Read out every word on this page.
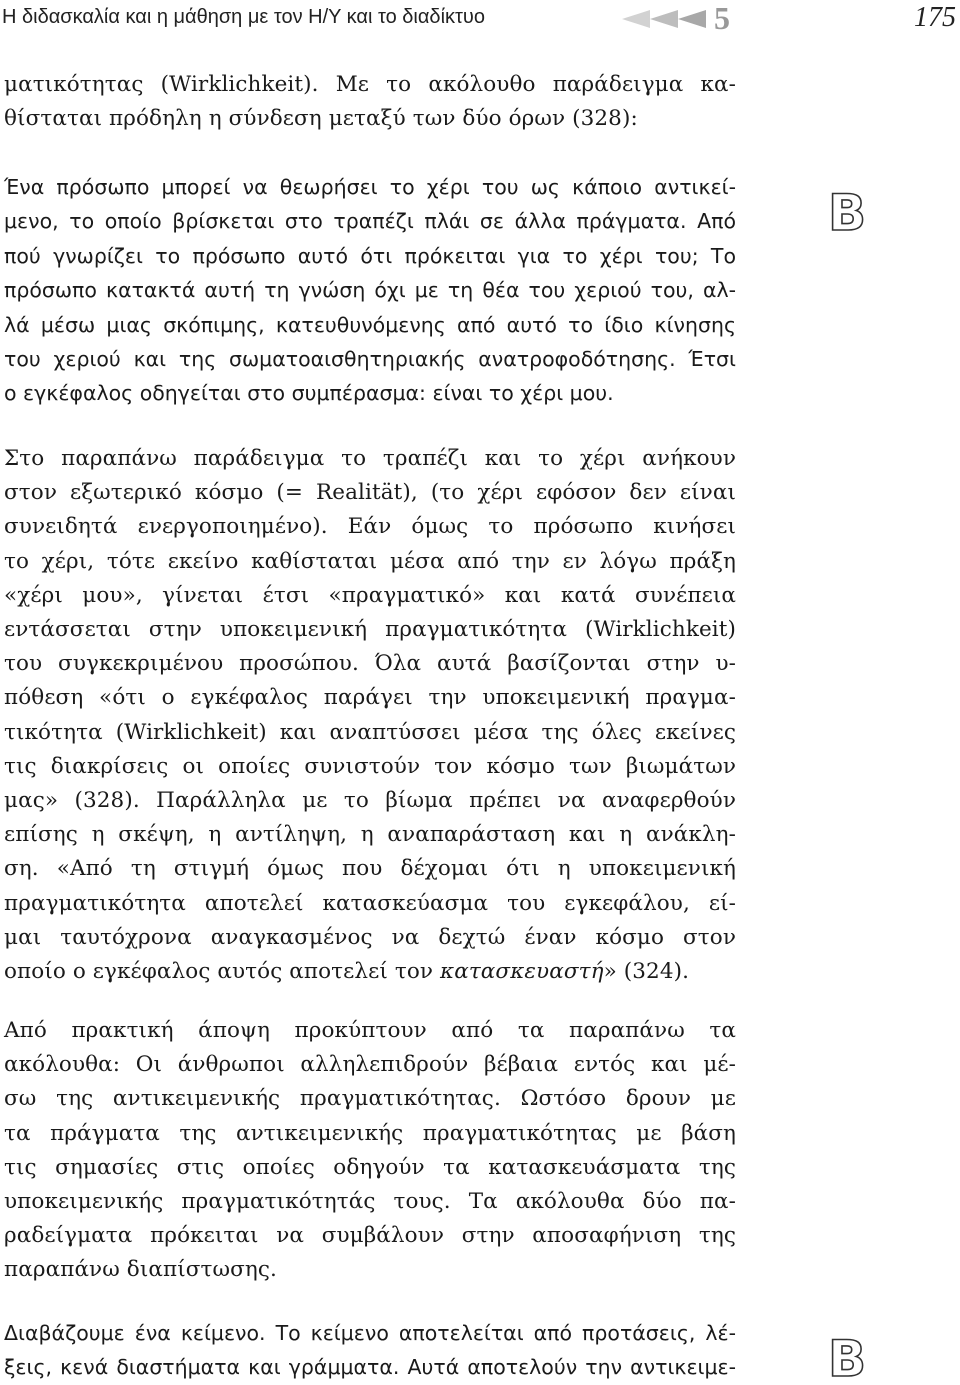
Η διδασκαλία και η μάθηση με τον Η/Υ και το διαδίκτυο	5	175
ματικότητας (Wirklichkeit). Με το ακόλουθο παράδειγμα κα-
θίσταται πρόδηλη η σύνδεση μεταξύ των δύο όρων (328):
Ένα πρόσωπο μπορεί να θεωρήσει το χέρι του ως κάποιο αντικεί-
μενο, το οποίο βρίσκεται στο τραπέζι πλάι σε άλλα πράγματα. Από
πού γνωρίζει το πρόσωπο αυτό ότι πρόκειται για το χέρι του; Το
πρόσωπο κατακτά αυτή τη γνώση όχι με τη θέα του χεριού του, αλ-
λά μέσω μιας σκόπιμης, κατευθυνόμενης από αυτό το ίδιο κίνησης
του χεριού και της σωματοαισθητηριακής ανατροφοδότησης. Έτσι
ο εγκέφαλος οδηγείται στο συμπέρασμα: είναι το χέρι μου.
B
Στο παραπάνω παράδειγμα το τραπέζι και το χέρι ανήκουν
στον εξωτερικό κόσμο (= Realität), (το χέρι εφόσον δεν είναι
συνειδητά ενεργοποιημένο). Εάν όμως το πρόσωπο κινήσει
το χέρι, τότε εκείνο καθίσταται μέσα από την εν λόγω πράξη
«χέρι μου», γίνεται έτσι «πραγματικό» και κατά συνέπεια
εντάσσεται στην υποκειμενική πραγματικότητα (Wirklichkeit)
του συγκεκριμένου προσώπου. Όλα αυτά βασίζονται στην υ-
πόθεση «ότι ο εγκέφαλος παράγει την υποκειμενική πραγμα-
τικότητα (Wirklichkeit) και αναπτύσσει μέσα της όλες εκείνες
τις διακρίσεις οι οποίες συνιστούν τον κόσμο των βιωμάτων
μας» (328). Παράλληλα με το βίωμα πρέπει να αναφερθούν
επίσης η σκέψη, η αντίληψη, η αναπαράσταση και η ανάκλη-
ση. «Από τη στιγμή όμως που δέχομαι ότι η υποκειμενική
πραγματικότητα αποτελεί κατασκεύασμα του εγκεφάλου, εί-
μαι ταυτόχρονα αναγκασμένος να δεχτώ έναν κόσμο στον
οποίο ο εγκέφαλος αυτός αποτελεί τον κατασκευαστή» (324).
Από πρακτική άποψη προκύπτουν από τα παραπάνω τα
ακόλουθα: Οι άνθρωποι αλληλεπιδρούν βέβαια εντός και μέ-
σω της αντικειμενικής πραγματικότητας. Ωστόσο δρουν με
τα πράγματα της αντικειμενικής πραγματικότητας με βάση
τις σημασίες στις οποίες οδηγούν τα κατασκευάσματα της
υποκειμενικής πραγματικότητάς τους. Τα ακόλουθα δύο πα-
ραδείγματα πρόκειται να συμβάλουν στην αποσαφήνιση της
παραπάνω διαπίστωσης.
Διαβάζουμε ένα κείμενο. Το κείμενο αποτελείται από προτάσεις, λέ-
ξεις, κενά διαστήματα και γράμματα. Αυτά αποτελούν την αντικειμε- B
